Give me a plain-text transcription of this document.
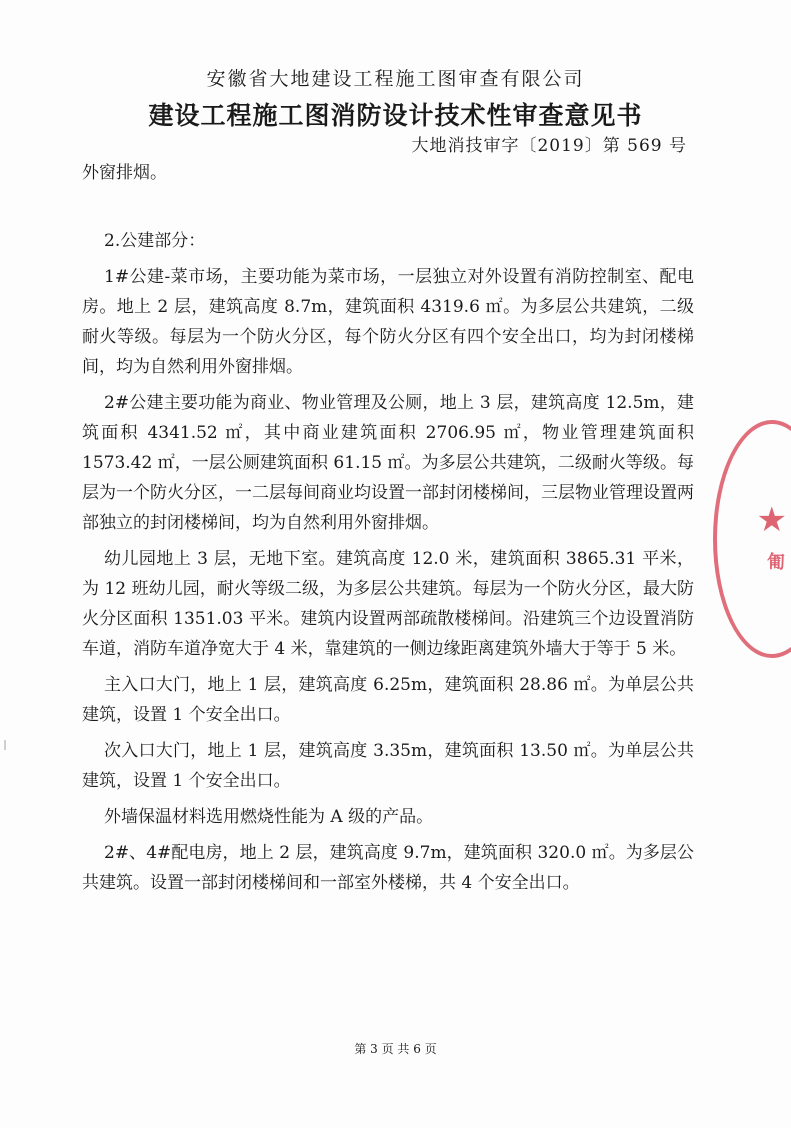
安徽省大地建设工程施工图审查有限公司
建设工程施工图消防设计技术性审查意见书
大地消技审字〔2019〕第 569 号

外窗排烟。

2.公建部分：

1#公建-菜市场，主要功能为菜市场，一层独立对外设置有消防控制室、配电房。地上 2 层，建筑高度 8.7m，建筑面积 4319.6 ㎡。为多层公共建筑，二级耐火等级。每层为一个防火分区，每个防火分区有四个安全出口，均为封闭楼梯间，均为自然利用外窗排烟。

2#公建主要功能为商业、物业管理及公厕，地上 3 层，建筑高度 12.5m，建筑面积 4341.52 ㎡，其中商业建筑面积 2706.95 ㎡，物业管理建筑面积 1573.42 ㎡，一层公厕建筑面积 61.15 ㎡。为多层公共建筑，二级耐火等级。每层为一个防火分区，一二层每间商业均设置一部封闭楼梯间，三层物业管理设置两部独立的封闭楼梯间，均为自然利用外窗排烟。

幼儿园地上 3 层，无地下室。建筑高度 12.0 米，建筑面积 3865.31 平米，为 12 班幼儿园，耐火等级二级，为多层公共建筑。每层为一个防火分区，最大防火分区面积 1351.03 平米。建筑内设置两部疏散楼梯间。沿建筑三个边设置消防车道，消防车道净宽大于 4 米，靠建筑的一侧边缘距离建筑外墙大于等于 5 米。

主入口大门，地上 1 层，建筑高度 6.25m，建筑面积 28.86 ㎡。为单层公共建筑，设置 1 个安全出口。

次入口大门，地上 1 层，建筑高度 3.35m，建筑面积 13.50 ㎡。为单层公共建筑，设置 1 个安全出口。

外墙保温材料选用燃烧性能为 A 级的产品。

2#、4#配电房，地上 2 层，建筑高度 9.7m，建筑面积 320.0 ㎡。为多层公共建筑。设置一部封闭楼梯间和一部室外楼梯，共 4 个安全出口。

第 3 页 共 6 页
★
匍
